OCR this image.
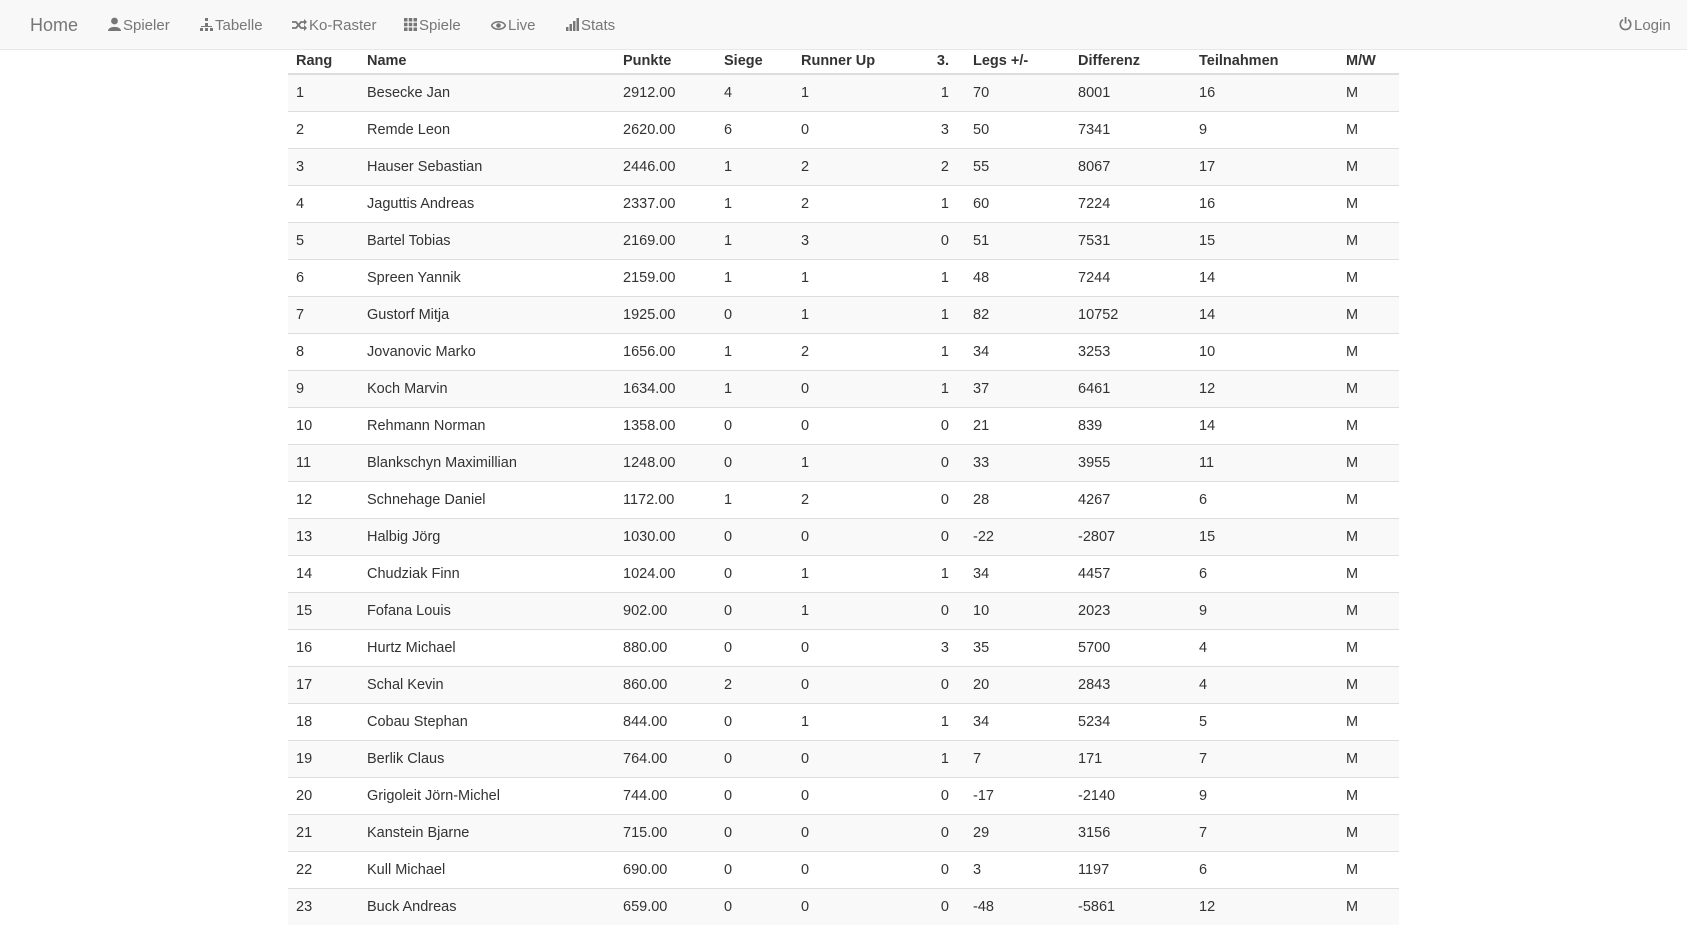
Home	Spieler	Tabelle	Ko-Raster	Spiele	Live	Stats	Login
Rang	Name	Punkte	Siege	Runner Up	3.	Legs +/-	Differenz	Teilnahmen	M/W
1	Besecke Jan	2912.00	4	1	1	70	8001	16	M
2	Remde Leon	2620.00	6	0	3	50	7341	9	M
3	Hauser Sebastian	2446.00	1	2	2	55	8067	17	M
4	Jaguttis Andreas	2337.00	1	2	1	60	7224	16	M
5	Bartel Tobias	2169.00	1	3	0	51	7531	15	M
6	Spreen Yannik	2159.00	1	1	1	48	7244	14	M
7	Gustorf Mitja	1925.00	0	1	1	82	10752	14	M
8	Jovanovic Marko	1656.00	1	2	1	34	3253	10	M
9	Koch Marvin	1634.00	1	0	1	37	6461	12	M
10	Rehmann Norman	1358.00	0	0	0	21	839	14	M
11	Blankschyn Maximillian	1248.00	0	1	0	33	3955	11	M
12	Schnehage Daniel	1172.00	1	2	0	28	4267	6	M
13	Halbig Jörg	1030.00	0	0	0	-22	-2807	15	M
14	Chudziak Finn	1024.00	0	1	1	34	4457	6	M
15	Fofana Louis	902.00	0	1	0	10	2023	9	M
16	Hurtz Michael	880.00	0	0	3	35	5700	4	M
17	Schal Kevin	860.00	2	0	0	20	2843	4	M
18	Cobau Stephan	844.00	0	1	1	34	5234	5	M
19	Berlik Claus	764.00	0	0	1	7	171	7	M
20	Grigoleit Jörn-Michel	744.00	0	0	0	-17	-2140	9	M
21	Kanstein Bjarne	715.00	0	0	0	29	3156	7	M
22	Kull Michael	690.00	0	0	0	3	1197	6	M
23	Buck Andreas	659.00	0	0	0	-48	-5861	12	M
